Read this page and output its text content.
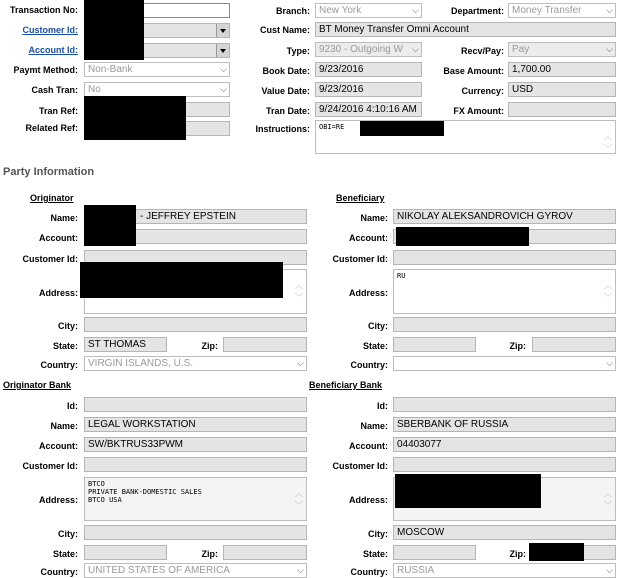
Transaction No:
Customer Id:
Account Id:
Paymt Method:	Non-Bank	⌵
Cash Tran:	No	⌵
Tran Ref:
Related Ref:
Branch: New York	⌵
Cust Name: BT Money Transfer Omni Account
Type: 9230 - Outgoing W ⌵
Book Date: 9/23/2016
Value Date: 9/23/2016
Tran Date: 9/24/2016 4:10:16 AM
Instructions:	OBI=RE
︿
﹀
Department: Money Transfer	⌵
Recv/Pay: Pay	⌵
Base Amount: 1,700.00
Currency: USD
FX Amount:
Party Information
Originator
Name:	- JEFFREY EPSTEIN
Account:
Customer Id:
Address:
︿
﹀
City:
State:	ST THOMAS	Zip:
Country:	VIRGIN ISLANDS, U.S.	⌵
Beneficiary
Name: NIKOLAY ALEKSANDROVICH GYROV
Account:
Customer Id:
Address:
RU
︿
﹀
City:
State:	Zip:
Country:	⌵
Originator Bank
Id:
Name:	LEGAL WORKSTATION
Account:	SW/BKTRUS33PWM
Customer Id:
Address:
BTCO
PRIVATE BANK-DOMESTIC SALES
BTCO USA
︿
﹀
City:
State:	Zip:
Country:	UNITED STATES OF AMERICA	⌵
Beneficiary Bank
Id:
Name: SBERBANK OF RUSSIA
Account: 04403077
Customer Id:
Address:
︿
﹀
City: MOSCOW
State:	Zip:
Country: RUSSIA	⌵
